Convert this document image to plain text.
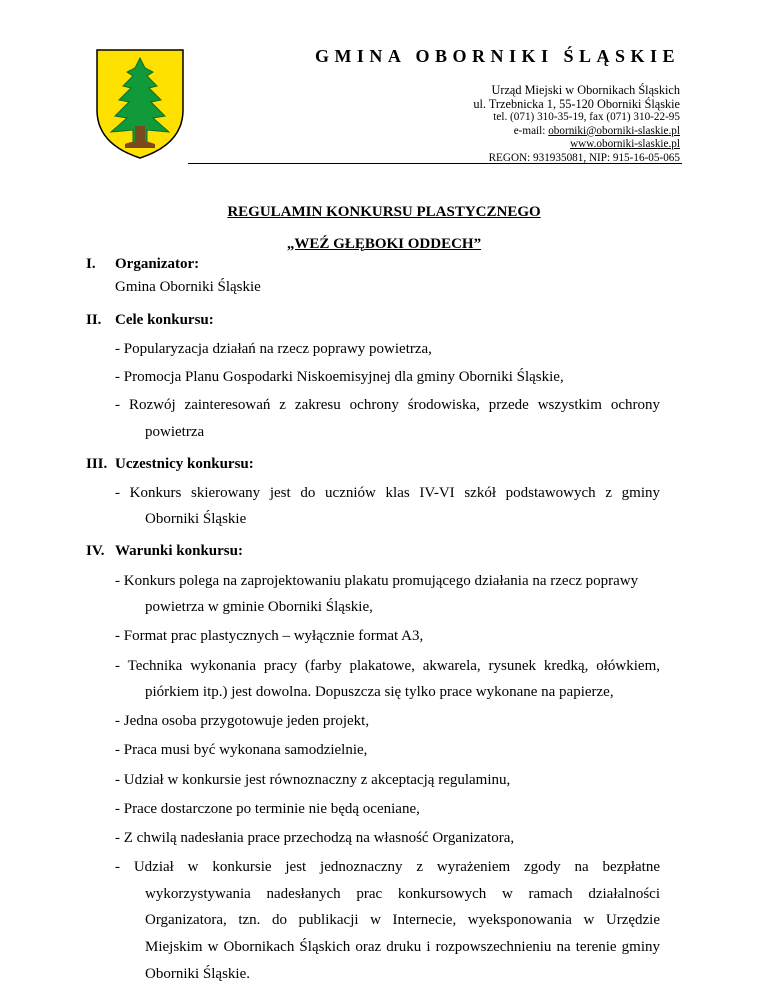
GMINA OBORNIKI ŚLĄSKIE
Urząd Miejski w Obornikach Śląskich
ul. Trzebnicka 1, 55-120 Oborniki Śląskie
tel. (071) 310-35-19, fax (071) 310-22-95
e-mail: oborniki@oborniki-slaskie.pl
www.oborniki-slaskie.pl
REGON: 931935081, NIP: 915-16-05-065
REGULAMIN KONKURSU PLASTYCZNEGO
„WEŹ GŁĘBOKI ODDECH”
I. Organizator:
Gmina Oborniki Śląskie
II. Cele konkursu:
- Popularyzacja działań na rzecz poprawy powietrza,
- Promocja Planu Gospodarki Niskoemisyjnej dla gminy Oborniki Śląskie,
- Rozwój zainteresowań z zakresu ochrony środowiska, przede wszystkim ochrony
powietrza
III. Uczestnicy konkursu:
- Konkurs skierowany jest do uczniów klas IV-VI szkół podstawowych z gminy
Oborniki Śląskie
IV. Warunki konkursu:
- Konkurs polega na zaprojektowaniu plakatu promującego działania na rzecz poprawy
powietrza w gminie Oborniki Śląskie,
- Format prac plastycznych – wyłącznie format A3,
- Technika wykonania pracy (farby plakatowe, akwarela, rysunek kredką, ołówkiem,
piórkiem itp.) jest dowolna. Dopuszcza się tylko prace wykonane na papierze,
- Jedna osoba przygotowuje jeden projekt,
- Praca musi być wykonana samodzielnie,
- Udział w konkursie jest równoznaczny z akceptacją regulaminu,
- Prace dostarczone po terminie nie będą oceniane,
- Z chwilą nadesłania prace przechodzą na własność Organizatora,
- Udział w konkursie jest jednoznaczny z wyrażeniem zgody na bezpłatne
wykorzystywania nadesłanych prac konkursowych w ramach działalności
Organizatora, tzn. do publikacji w Internecie, wyeksponowania w Urzędzie
Miejskim w Obornikach Śląskich oraz druku i rozpowszechnieniu na terenie gminy
Oborniki Śląskie.
